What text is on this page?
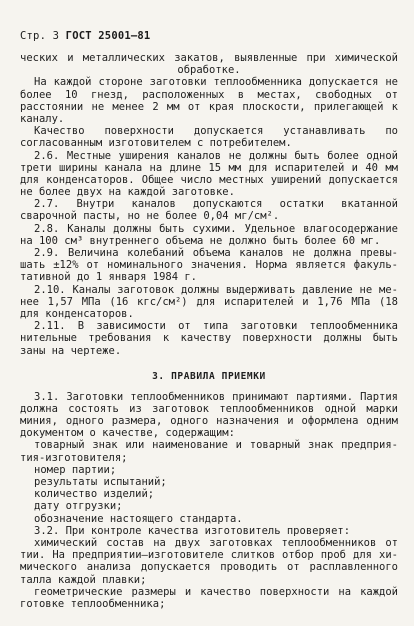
Стр. 3 ГОСТ 25001—81
ческих и металлических закатов, выявленные при химической
обработке.
На каждой стороне заготовки теплообменника допускается не
более 10 гнезд, расположенных в местах, свободных от
расстоянии не менее 2 мм от края плоскости, прилегающей к
каналу.
Качество поверхности допускается устанавливать по
согласованным изготовителем с потребителем.
2.6. Местные уширения каналов не должны быть более одной
трети ширины канала на длине 15 мм для испарителей и 40 мм
для конденсаторов. Общее число местных уширений допускается
не более двух на каждой заготовке.
2.7. Внутри каналов допускаются остатки вкатанной
сварочной пасты, но не более 0,04 мг/см².
2.8. Каналы должны быть сухими. Удельное влагосодержание
на 100 см³ внутреннего объема не должно быть более 60 мг.
2.9. Величина колебаний объема каналов не должна превы-
шать ±12% от номинального значения. Норма является факуль-
тативной до 1 января 1984 г.
2.10. Каналы заготовок должны выдерживать давление не ме-
нее 1,57 МПа (16 кгс/см²) для испарителей и 1,76 МПа (18
для конденсаторов.
2.11. В зависимости от типа заготовки теплообменника
нительные требования к качеству поверхности должны быть
заны на чертеже.
3. ПРАВИЛА ПРИЕМКИ
3.1. Заготовки теплообменников принимают партиями. Партия
должна состоять из заготовок теплообменников одной марки
миния, одного размера, одного назначения и оформлена одним
документом о качестве, содержащим:
товарный знак или наименование и товарный знак предприя-
тия-изготовителя;
номер партии;
результаты испытаний;
количество изделий;
дату отгрузки;
обозначение настоящего стандарта.
3.2. При контроле качества изготовитель проверяет:
химический состав на двух заготовках теплообменников от
тии. На предприятии—изготовителе слитков отбор проб для хи-
мического анализа допускается проводить от расплавленного
талла каждой плавки;
геометрические размеры и качество поверхности на каждой
готовке теплообменника;
